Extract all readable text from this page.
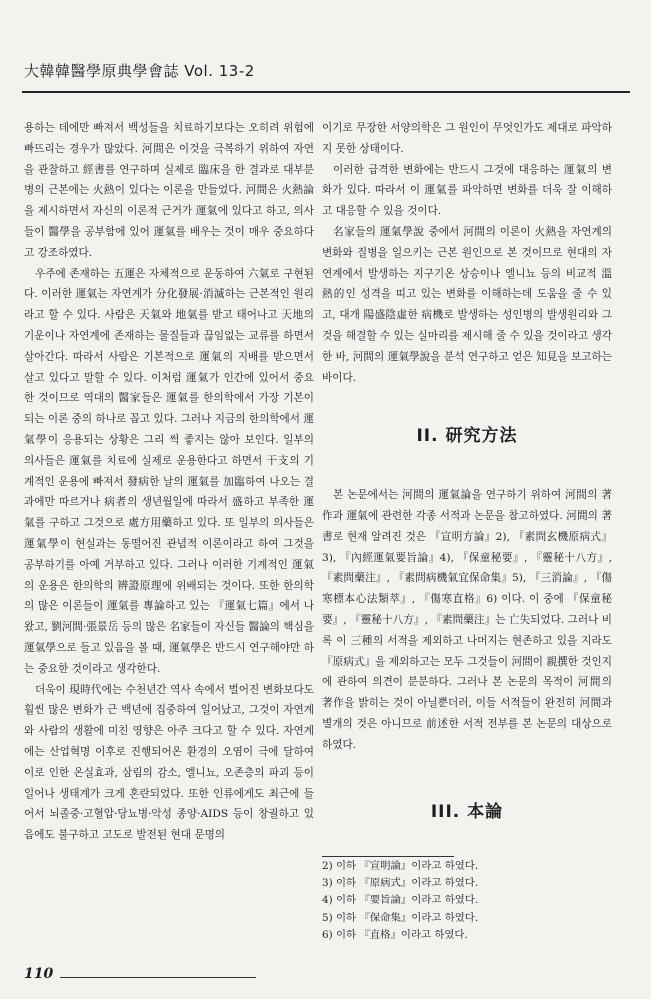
大韓韓醫學原典學會誌 Vol. 13-2

용하는 데에만 빠져서 백성들을 치료하기보다는 오히려 위험에 빠뜨리는 경우가 많았다. 河間은 이것을 극복하기 위하여 자연을 관찰하고 經書를 연구하며 실제로 臨床을 한 결과로 대부분 병의 근본에는 火熱이 있다는 이론을 만들었다. 河間은 火熱論을 제시하면서 자신의 이론적 근거가 運氣에 있다고 하고, 의사들이 醫學을 공부함에 있어 運氣를 배우는 것이 매우 중요하다고 강조하였다.

우주에 존재하는 五運은 자체적으로 운동하여 六氣로 구현된다. 이러한 運氣는 자연계가 分化發展·消滅하는 근본적인 원리라고 할 수 있다. 사람은 天氣와 地氣를 받고 태어나고 天地의 기운이나 자연계에 존재하는 물질들과 끊임없는 교류를 하면서 살아간다. 따라서 사람은 기본적으로 運氣의 지배를 받으면서 살고 있다고 말할 수 있다. 이처럼 運氣가 인간에 있어서 중요한 것이므로 역대의 醫家들은 運氣를 한의학에서 가장 기본이 되는 이론 중의 하나로 꼽고 있다. 그러나 지금의 한의학에서 運氣學이 응용되는 상황은 그리 썩 좋지는 않아 보인다. 일부의 의사들은 運氣를 치료에 실제로 운용한다고 하면서 干支의 기계적인 운용에 빠져서 發病한 날의 運氣를 加臨하여 나오는 결과에만 따르거나 病者의 생년월일에 따라서 盛하고 부족한 運氣를 구하고 그것으로 處方用藥하고 있다. 또 일부의 의사들은 運氣學이 현실과는 동떨어진 관념적 이론이라고 하여 그것을 공부하기를 아예 거부하고 있다. 그러나 이러한 기계적인 運氣의 운용은 한의학의 辨證原理에 위배되는 것이다. 또한 한의학의 많은 이론들이 運氣를 專論하고 있는 『運氣七篇』에서 나왔고, 劉河間·張景岳 등의 많은 名家들이 자신들 醫論의 핵심을 運氣學으로 들고 있음을 볼 때, 運氣學은 반드시 연구해야만 하는 중요한 것이라고 생각한다.

더욱이 現時代에는 수천년간 역사 속에서 벌어진 변화보다도 훨씬 많은 변화가 근 백년에 집중하여 일어났고, 그것이 자연계와 사람의 생활에 미친 영향은 아주 크다고 할 수 있다. 자연계에는 산업혁명 이후로 진행되어온 환경의 오염이 극에 달하여 이로 인한 온실효과, 삼림의 감소, 엘니뇨, 오존층의 파괴 등이 일어나 생태계가 크게 혼란되었다. 또한 인류에게도 최근에 들어서 뇌졸중·고혈압·당뇨병·악성 종양·AIDS 등이 창궐하고 있음에도 불구하고 고도로 발전된 현대 문명의

이기로 무장한 서양의학은 그 원인이 무엇인가도 제대로 파악하지 못한 상태이다.

이러한 급격한 변화에는 반드시 그것에 대응하는 運氣의 변화가 있다. 따라서 이 運氣를 파악하면 변화를 더욱 잘 이해하고 대응할 수 있을 것이다.

名家들의 運氣學說 중에서 河間의 이론이 火熱을 자연계의 변화와 질병을 일으키는 근본 원인으로 본 것이므로 현대의 자연계에서 발생하는 지구기온 상승이나 엘니뇨 등의 비교적 溫熱的인 성격을 띠고 있는 변화를 이해하는데 도움을 줄 수 있고, 대개 陽盛陰虛한 病機로 발생하는 성인병의 발생원리와 그것을 해결할 수 있는 실마리를 제시해 줄 수 있을 것이라고 생각한 바, 河間의 運氣學說을 분석 연구하고 얻은 知見을 보고하는 바이다.

II. 研究方法

본 논문에서는 河間의 運氣論을 연구하기 위하여 河間의 著作과 運氣에 관련한 각종 서적과 논문을 참고하였다. 河間의 著書로 현재 알려진 것은 『宣明方論』2), 『素問玄機原病式』3), 『內經運氣要旨論』4), 『保童秘要』, 『靈秘十八方』, 『素問藥注』, 『素問病機氣宜保命集』5), 『三消論』, 『傷寒標本心法類萃』, 『傷寒直格』6) 이다. 이 중에 『保童秘要』, 『靈秘十八方』, 『素問藥注』는 亡失되었다. 그러나 비록 이 三種의 서적을 제외하고 나머지는 현존하고 있을 지라도 『原病式』을 제외하고는 모두 그것들이 河間이 親撰한 것인지에 관하여 의견이 분분하다. 그러나 본 논문의 목적이 河間의 著作을 밝히는 것이 아닐뿐더러, 이들 서적들이 완전히 河間과 별개의 것은 아니므로 前述한 서적 전부를 본 논문의 대상으로 하였다.

III. 本論
2) 이하 『宣明論』이라고 하였다.
3) 이하 『原病式』이라고 하였다.
4) 이하 『要旨論』이라고 하였다.
5) 이하 『保命集』이라고 하였다.
6) 이하 『直格』이라고 하였다.
110
